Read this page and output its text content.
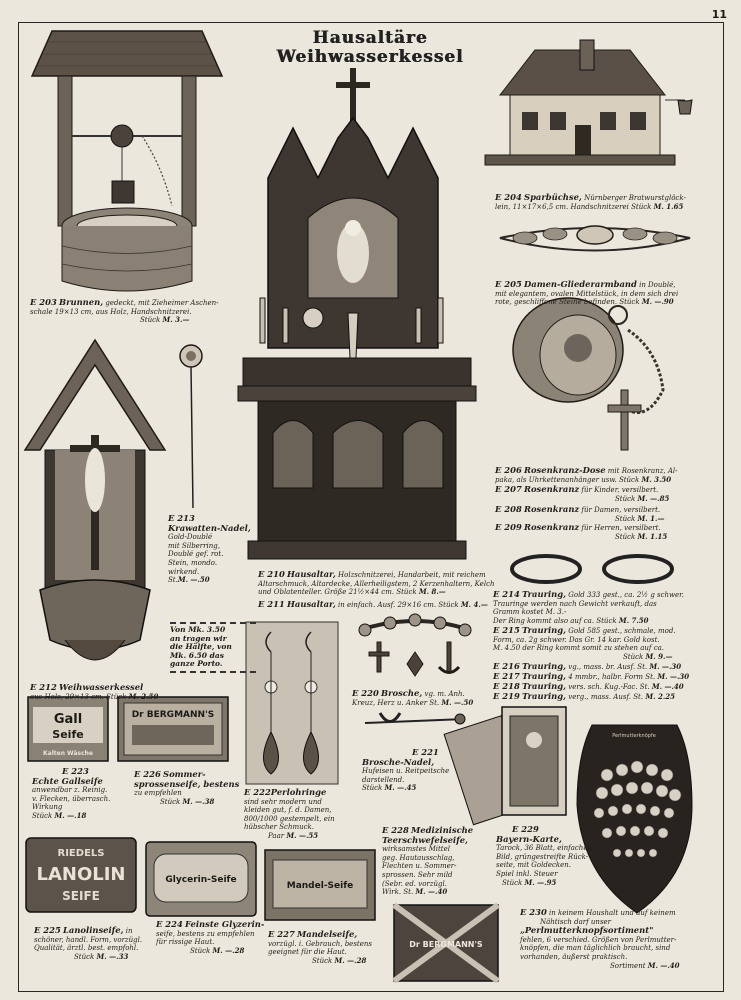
11
Hausaltäre
Weihwasserkessel
Perlmutterknöpfe
Gall
Seife
Kalten Wäsche
Dr BERGMANN'S
RIEDELS
LANOLIN
SEIFE
Glycerin-Seife
Mandel-Seife
Dr BERGMANN'S
Von Mk. 3.50
an tragen wir
die Hälfte, von
Mk. 6.50 das
ganze Porto.
E 203 Brunnen, gedeckt, mit Zieheimer Aschen-
schale 19×13 cm, aus Holz, Handschnitzerei.
Stück M. 3.—
E 204 Sparbüchse, Nürnberger Bratwurstglöck-
lein, 11×17×6,5 cm. Handschnitzerei Stück M. 1.65
E 205 Damen-Gliederarmband in Doublé,
mit elegantem, ovalen Mittelstück, in dem sich drei
rote, geschliffene Steine befinden. Stück M. —.90
E 206 Rosenkranz-Dose mit Rosenkranz, Al-
paka, als Uhrkettenanhänger usw. Stück M. 3.50
E 207 Rosenkranz für Kinder, versilbert.
Stück M. —.85
E 208 Rosenkranz für Damen, versilbert.
Stück M. 1.—
E 209 Rosenkranz für Herren, versilbert.
Stück M. 1.15
E 210 Hausaltar, Holzschnitzerei, Handarbeit, mit reichem
Altarschmuck, Altardecke, Allerheiligstem, 2 Kerzenhaltern, Kelch
und Oblatenteller. Größe 21½×44 cm. Stück M. 8.—
E 211 Hausaltar, in einfach. Ausf. 29×16 cm. Stück M. 4.—
E 212 Weihwasserkessel
aus Holz, 29×13 cm. Stück M. 2.50
E 213
Krawatten-Nadel,
Gold-Doublé
mit Silberring,
Doublé gef. rot.
Stein, mondo.
wirkend.
St.M. —.50
E 214 Trauring, Gold 333 gest., ca. 2½ g schwer.
Trauringe werden nach Gewicht verkauft, das
Gramm kostet M. 3.-
Der Ring kommt also auf ca. Stück M. 7.50
E 215 Trauring, Gold 585 gest., schmale, mod.
Form, ca. 2g schwer. Das Gr. 14 kar. Gold kost.
M. 4.50 der Ring kommt somit zu stehen auf ca.
Stück M. 9.—
E 216 Trauring, vg., mass. br. Ausf. St. M. —.30
E 217 Trauring, 4 mmbr., halbr. Form St. M. —.30
E 218 Trauring, vers. sch. Kug.-Fac. St. M. —.40
E 219 Trauring, verg., mass. Ausf. St. M. 2.25
E 220 Brosche, vg. m. Anh.
Kreuz, Herz u. Anker St. M. —.50
E 221
Brosche-Nadel,
Hufeisen u. Reitpeitsche
darstellend.
Stück M. —.45
E 222Perlohringe
sind sehr modern und
kleiden gut, f. d. Damen,
800/1000 gestempelt, ein
hübscher Schmuck.
Paar M. —.55
E 223
Echte Gallseife
anwendbar z. Reinig.
v. Flecken, überrasch.
Wirkung
Stück M. —.18
E 226 Sommer-
sprossenseife, bestens
zu empfehlen
Stück M. —.38
E 225 Lanolinseife, in
schöner, handl. Form, vorzügl.
Qualität, ärztl. best. empfohl.
Stück M. —.33
E 224 Feinste Glyzerin-
seife, bestens zu empfehlen
für rissige Haut.
Stück M. —.28
E 227 Mandelseife,
vorzügl. i. Gebrauch, bestens
geeignet für die Haut.
Stück M. —.28
E 228 Medizinische
Teerschwefelseife,
wirksamstes Mittel
geg. Hautausschlag,
Flechten u. Sommer-
sprossen. Sehr mild
(Sebr. ed. vorzügl.
Wirk. St. M. —.40
E 229
Bayern-Karte,
Tarock, 36 Blatt, einfaches
Bild, grüngestreifte Rück-
seite, mit Goldecken.
Spiel inkl. Steuer
Stück M. —.95
E 230 in keinem Haushalt und auf keinem
Nähtisch darf unser
„Perlmutterknopfsortiment"
fehlen, 6 verschied. Größen von Perlmutter-
knöpfen, die man täglichlich braucht, sind
vorhanden, äußerst praktisch.
Sortiment M. —.40
